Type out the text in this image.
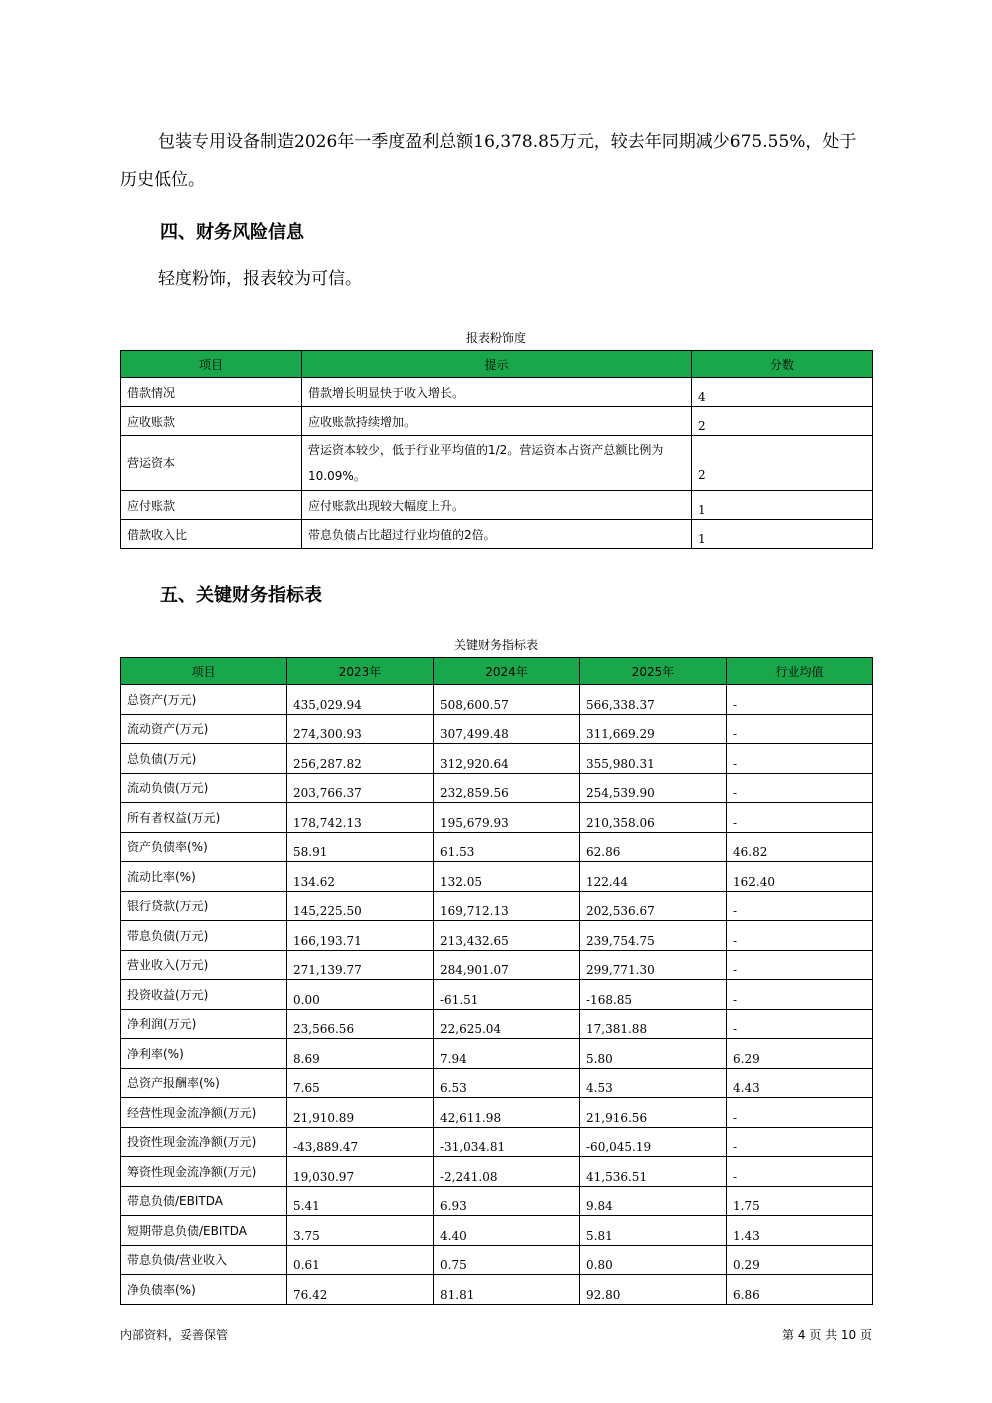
包装专用设备制造2026年一季度盈利总额16,378.85万元，较去年同期减少675.55%，处于历史低位。

四、财务风险信息

轻度粉饰，报表较为可信。

报表粉饰度
项目	提示	分数
借款情况	借款增长明显快于收入增长。	4
应收账款	应收账款持续增加。	2
营运资本	营运资本较少，低于行业平均值的1/2。营运资本占资产总额比例为10.09%。	2
应付账款	应付账款出现较大幅度上升。	1
借款收入比	带息负债占比超过行业均值的2倍。	1
五、关键财务指标表
关键财务指标表
项目	2023年	2024年	2025年	行业均值
总资产(万元)	435,029.94	508,600.57	566,338.37	-
流动资产(万元)	274,300.93	307,499.48	311,669.29	-
总负债(万元)	256,287.82	312,920.64	355,980.31	-
流动负债(万元)	203,766.37	232,859.56	254,539.90	-
所有者权益(万元)	178,742.13	195,679.93	210,358.06	-
资产负债率(%)	58.91	61.53	62.86	46.82
流动比率(%)	134.62	132.05	122.44	162.40
银行贷款(万元)	145,225.50	169,712.13	202,536.67	-
带息负债(万元)	166,193.71	213,432.65	239,754.75	-
营业收入(万元)	271,139.77	284,901.07	299,771.30	-
投资收益(万元)	0.00	-61.51	-168.85	-
净利润(万元)	23,566.56	22,625.04	17,381.88	-
净利率(%)	8.69	7.94	5.80	6.29
总资产报酬率(%)	7.65	6.53	4.53	4.43
经营性现金流净额(万元)	21,910.89	42,611.98	21,916.56	-
投资性现金流净额(万元)	-43,889.47	-31,034.81	-60,045.19	-
筹资性现金流净额(万元)	19,030.97	-2,241.08	41,536.51	-
带息负债/EBITDA	5.41	6.93	9.84	1.75
短期带息负债/EBITDA	3.75	4.40	5.81	1.43
带息负债/营业收入	0.61	0.75	0.80	0.29
净负债率(%)	76.42	81.81	92.80	6.86
内部资料，妥善保管	第 4 页 共 10 页
